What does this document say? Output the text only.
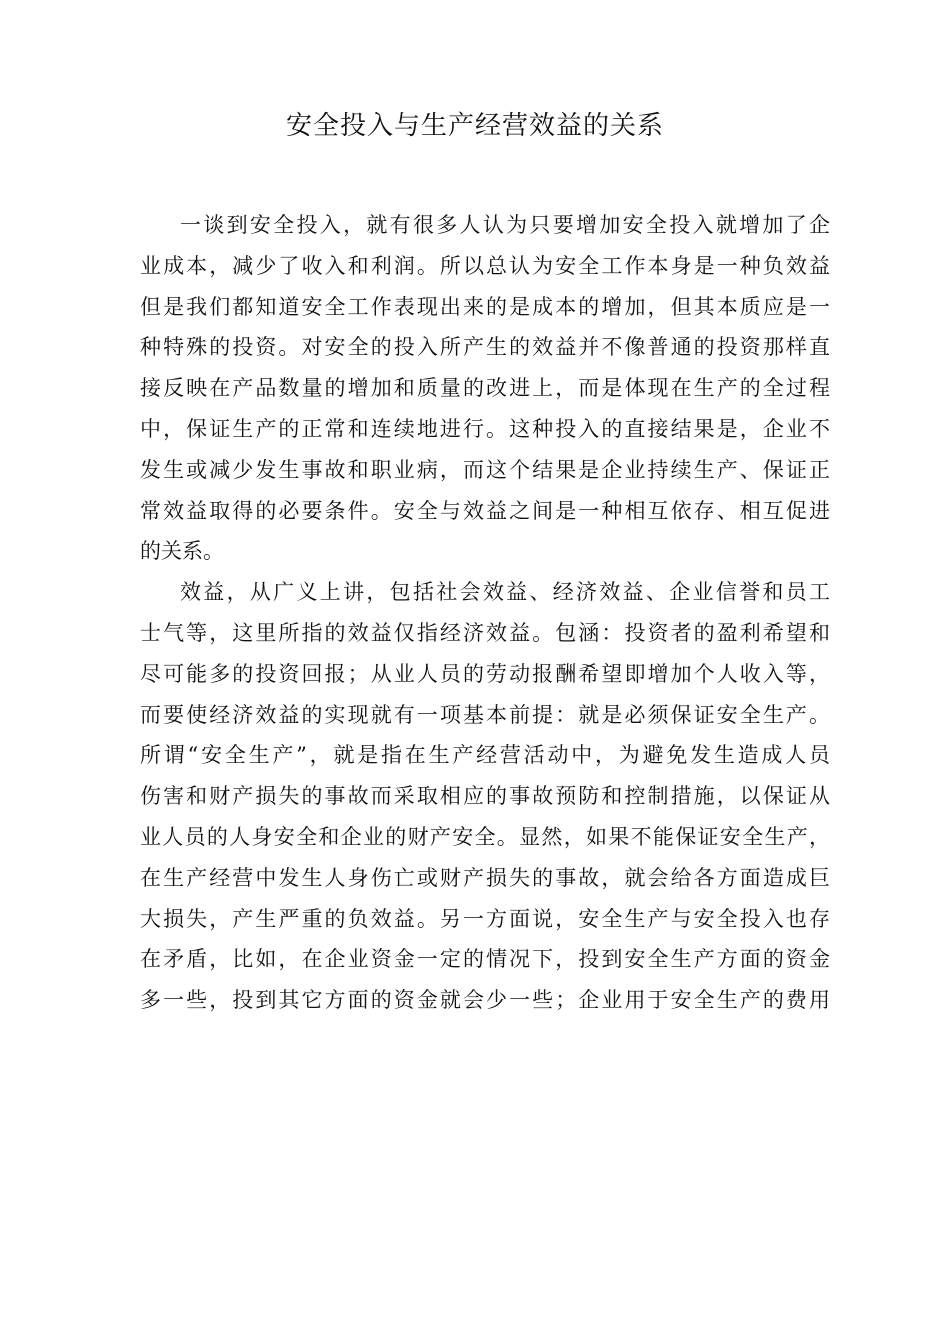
安全投入与生产经营效益的关系
一谈到安全投入，就有很多人认为只要增加安全投入就增加了企
业成本，减少了收入和利润。所以总认为安全工作本身是一种负效益
但是我们都知道安全工作表现出来的是成本的增加，但其本质应是一
种特殊的投资。对安全的投入所产生的效益并不像普通的投资那样直
接反映在产品数量的增加和质量的改进上，而是体现在生产的全过程
中，保证生产的正常和连续地进行。这种投入的直接结果是，企业不
发生或减少发生事故和职业病，而这个结果是企业持续生产、保证正
常效益取得的必要条件。安全与效益之间是一种相互依存、相互促进
的关系。
效益，从广义上讲，包括社会效益、经济效益、企业信誉和员工
士气等，这里所指的效益仅指经济效益。包涵：投资者的盈利希望和
尽可能多的投资回报；从业人员的劳动报酬希望即增加个人收入等，
而要使经济效益的实现就有一项基本前提：就是必须保证安全生产。
所谓“安全生产”，就是指在生产经营活动中，为避免发生造成人员
伤害和财产损失的事故而采取相应的事故预防和控制措施，以保证从
业人员的人身安全和企业的财产安全。显然，如果不能保证安全生产，
在生产经营中发生人身伤亡或财产损失的事故，就会给各方面造成巨
大损失，产生严重的负效益。另一方面说，安全生产与安全投入也存
在矛盾，比如，在企业资金一定的情况下，投到安全生产方面的资金
多一些，投到其它方面的资金就会少一些；企业用于安全生产的费用
